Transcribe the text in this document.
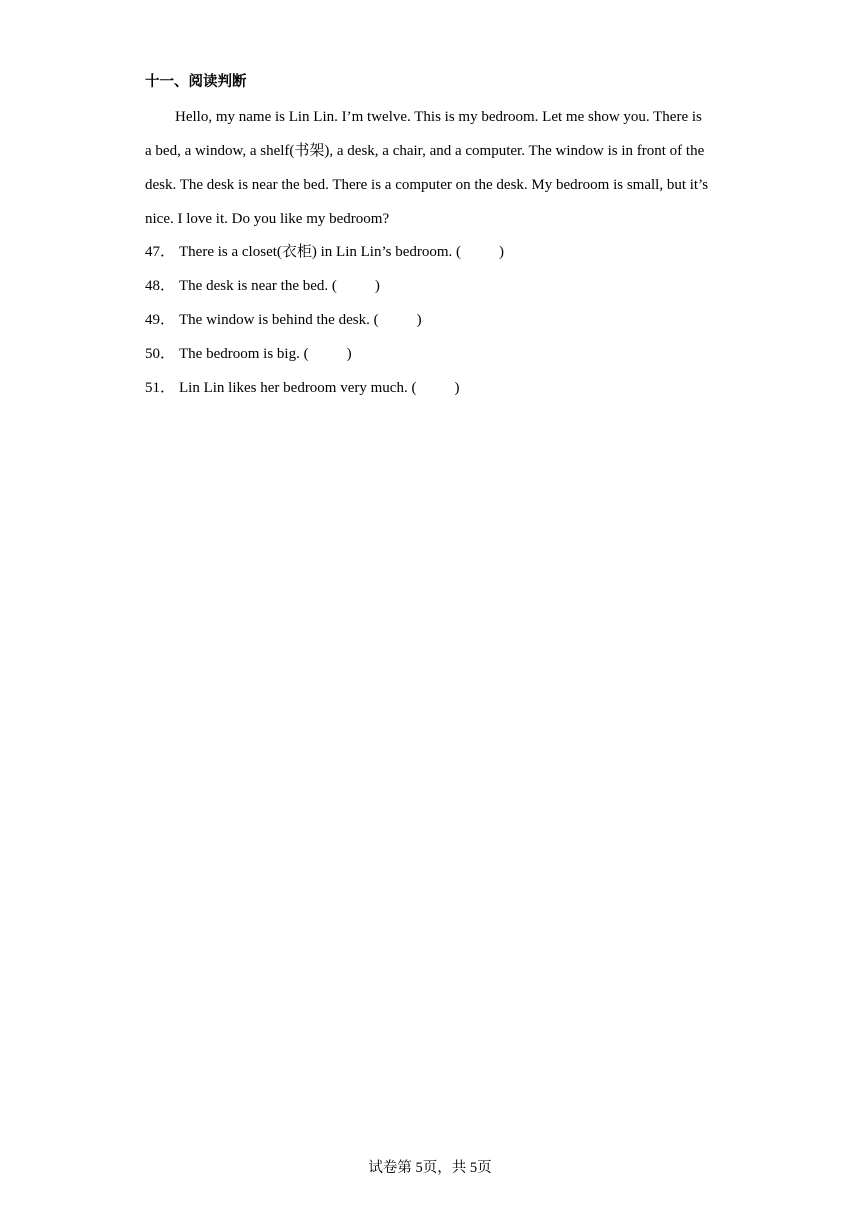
十一、阅读判断
Hello, my name is Lin Lin. I’m twelve. This is my bedroom. Let me show you. There is
a bed, a window, a shelf(书架), a desk, a chair, and a computer. The window is in front of the
desk. The desk is near the bed. There is a computer on the desk. My bedroom is small, but it’s
nice. I love it. Do you like my bedroom?
47． There is a closet(衣柜) in Lin Lin’s bedroom. (	)
48． The desk is near the bed. (	)
49． The window is behind the desk. (	)
50． The bedroom is big. (	)
51． Lin Lin likes her bedroom very much. (	)
试卷第 5页，共 5页
